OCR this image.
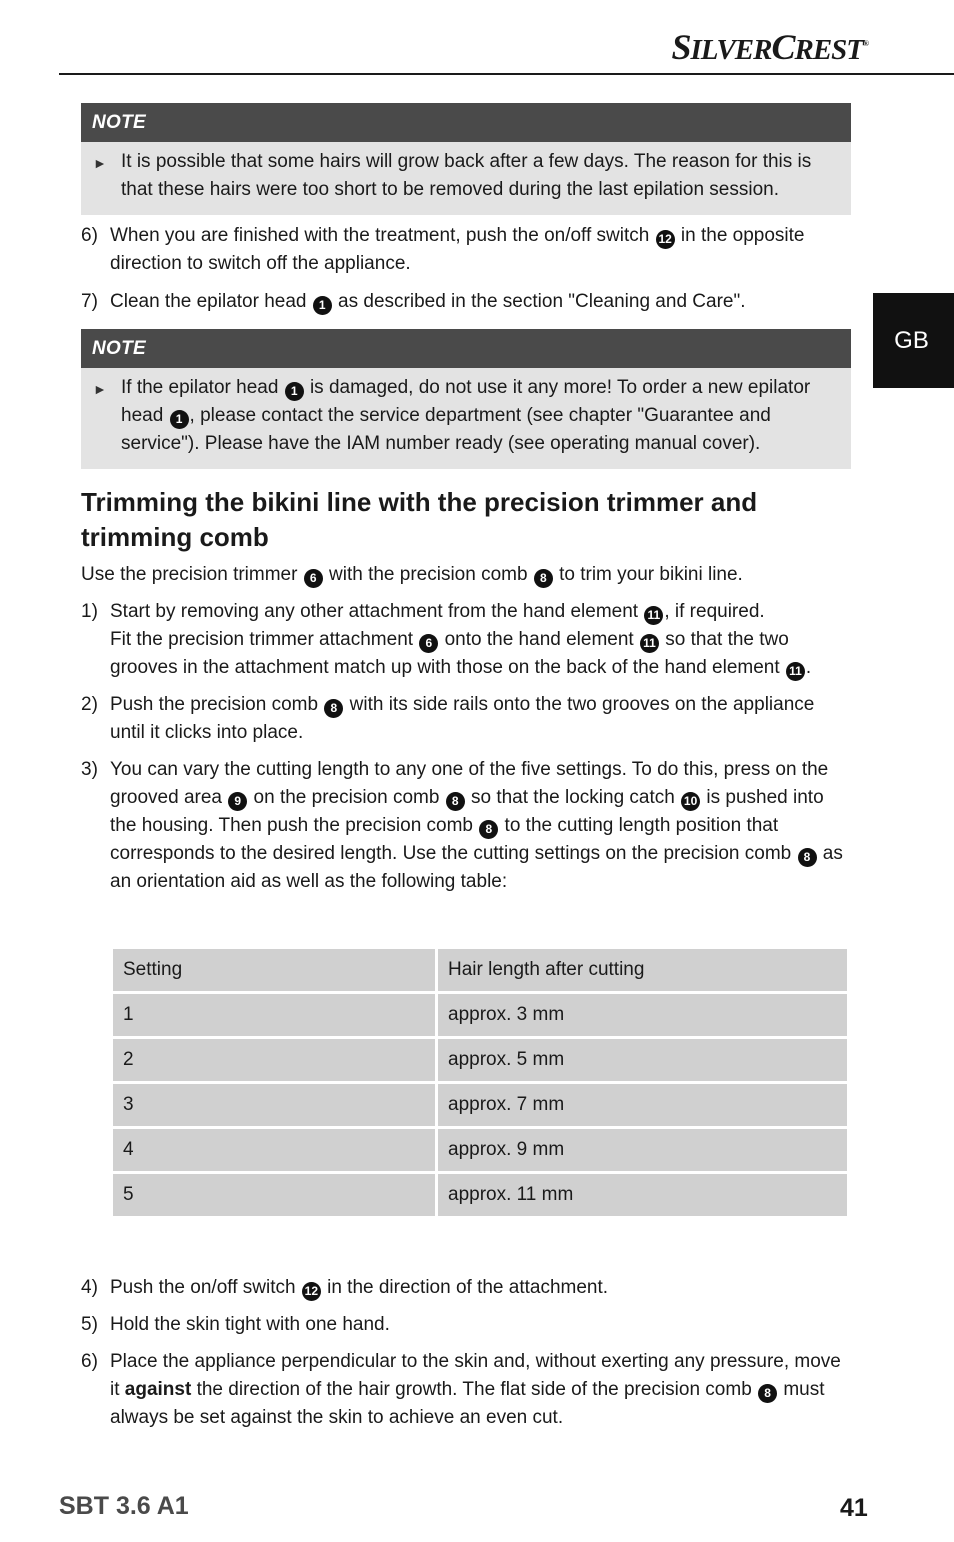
SILVERCREST®
GB
NOTE
► It is possible that some hairs will grow back after a few days. The reason for this is that these hairs were too short to be removed during the last epilation session.
6) When you are finished with the treatment, push the on/off switch 12 in the opposite direction to switch off the appliance.
7) Clean the epilator head 1 as described in the section "Cleaning and Care".
NOTE
► If the epilator head 1 is damaged, do not use it any more! To order a new epilator head 1 , please contact the service department (see chapter "Guarantee and service"). Please have the IAM number ready (see operating manual cover).
Trimming the bikini line with the precision trimmer and trimming comb
Use the precision trimmer 6 with the precision comb 8 to trim your bikini line.
1) Start by removing any other attachment from the hand element 11 , if required.
Fit the precision trimmer attachment 6 onto the hand element 11 so that the two grooves in the attachment match up with those on the back of the hand element 11 .
2) Push the precision comb 8 with its side rails onto the two grooves on the appliance until it clicks into place.
3) You can vary the cutting length to any one of the five settings. To do this, press on the grooved area 9 on the precision comb 8 so that the locking catch 10 is pushed into the housing. Then push the precision comb 8 to the cutting length position that corresponds to the desired length. Use the cutting settings on the precision comb 8 as an orientation aid as well as the following table:
Setting	Hair length after cutting
1	approx. 3 mm
2	approx. 5 mm
3	approx. 7 mm
4	approx. 9 mm
5	approx. 11 mm
4) Push the on/off switch 12 in the direction of the attachment.
5) Hold the skin tight with one hand.
6) Place the appliance perpendicular to the skin and, without exerting any pressure, move it against the direction of the hair growth. The flat side of the precision comb 8 must always be set against the skin to achieve an even cut.
SBT 3.6 A1	41
